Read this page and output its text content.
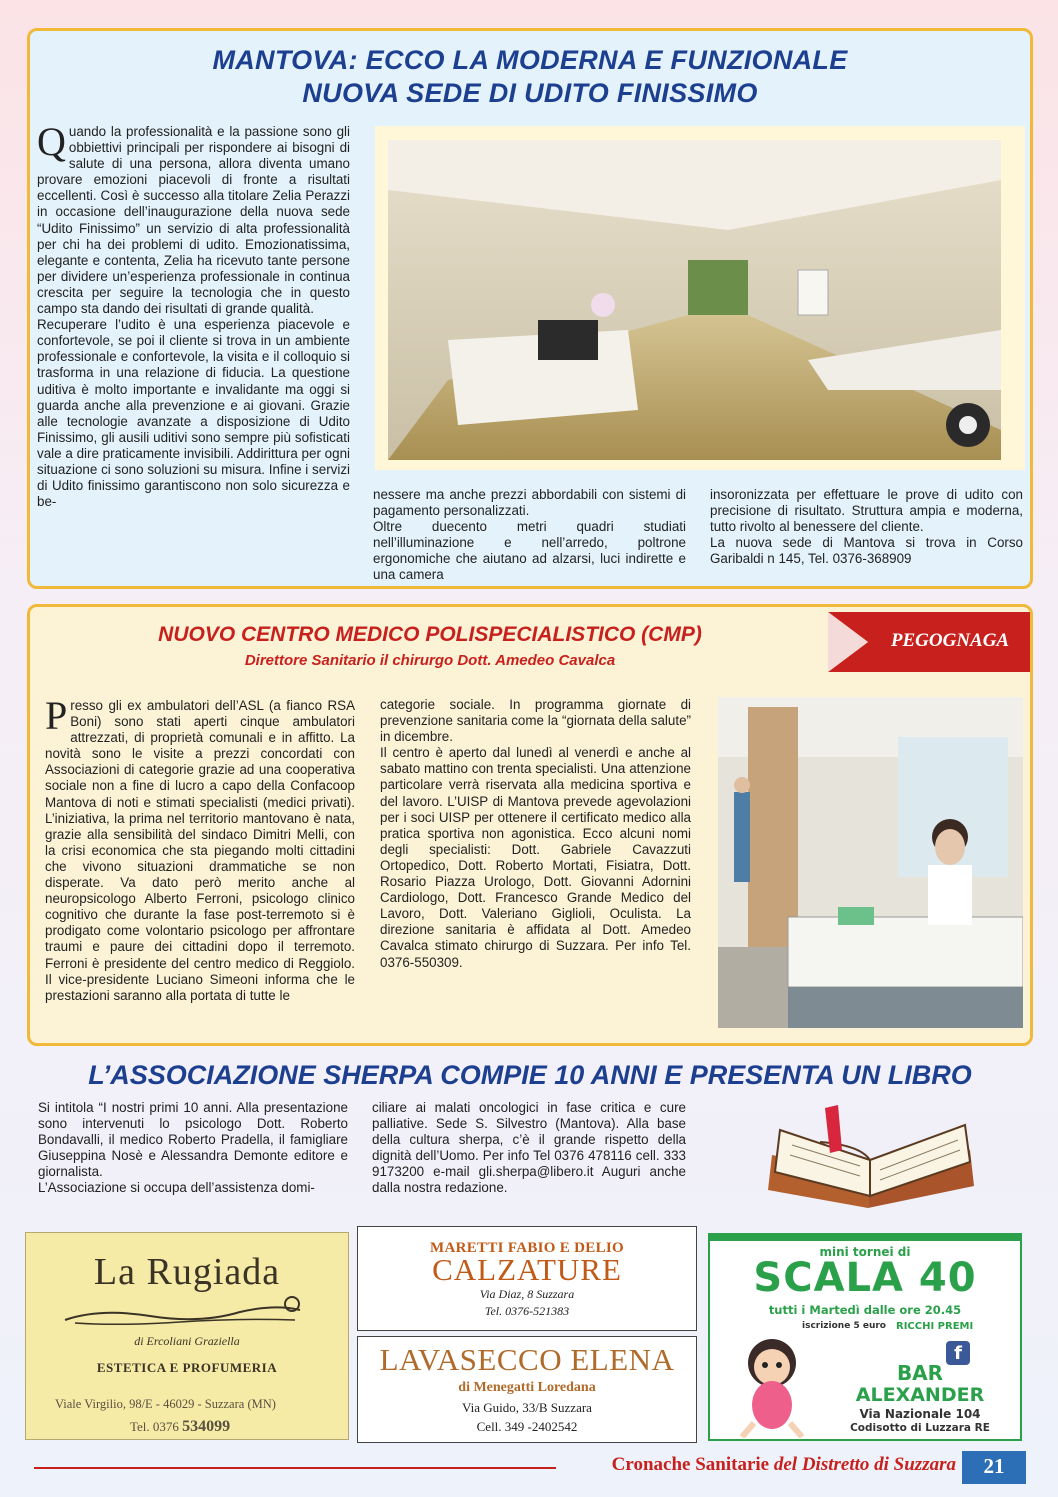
MANTOVA: ECCO LA MODERNA E FUNZIONALE
NUOVA SEDE DI UDITO FINISSIMO
Q uando la professionalità e la passione sono gli obbiettivi principali per rispondere ai bisogni di salute di una persona, allora diventa umano provare emozioni piacevoli di fronte a risultati eccellenti. Così è successo alla titolare Zelia Perazzi in occasione dell’inaugurazione della nuova sede “Udito Finissimo” un servizio di alta professionalità per chi ha dei problemi di udito. Emozionatissima, elegante e contenta, Zelia ha ricevuto tante persone per dividere un’esperienza professionale in continua crescita per seguire la tecnologia che in questo campo sta dando dei risultati di grande qualità.
Recuperare l’udito è una esperienza piacevole e confortevole, se poi il cliente si trova in un ambiente professionale e confortevole, la visita e il colloquio si trasforma in una relazione di fiducia. La questione uditiva è molto importante e invalidante ma oggi si guarda anche alla prevenzione e ai giovani. Grazie alle tecnologie avanzate a disposizione di Udito Finissimo, gli ausili uditivi sono sempre più sofisticati vale a dire praticamente invisibili. Addirittura per ogni situazione ci sono soluzioni su misura. Infine i servizi di Udito finissimo garantiscono non solo sicurezza e be-	nessere ma anche prezzi abbordabili con sistemi di pagamento personalizzati.
Oltre duecento metri quadri studiati nell’illuminazione e nell’arredo, poltrone ergonomiche che aiutano ad alzarsi, luci indirette e una camera
insoronizzata per effettuare le prove di udito con precisione di risultato. Struttura ampia e moderna, tutto rivolto al benessere del cliente.
La nuova sede di Mantova si trova in Corso Garibaldi n 145, Tel. 0376-368909
NUOVO CENTRO MEDICO POLISPECIALISTICO (CMP)
Direttore Sanitario il chirurgo Dott. Amedeo Cavalca
PEGOGNAGA
P resso gli ex ambulatori dell’ASL (a fianco RSA Boni) sono stati aperti cinque ambulatori attrezzati, di proprietà comunali e in affitto. La novità sono le visite a prezzi concordati con Associazioni di categorie grazie ad una cooperativa sociale non a fine di lucro a capo della Confacoop Mantova di noti e stimati specialisti (medici privati). L’iniziativa, la prima nel territorio mantovano è nata, grazie alla sensibilità del sindaco Dimitri Melli, con la crisi economica che sta piegando molti cittadini che vivono situazioni drammatiche se non disperate. Va dato però merito anche al neuropsicologo Alberto Ferroni, psicologo clinico cognitivo che durante la fase post-terremoto si è prodigato come volontario psicologo per affrontare traumi e paure dei cittadini dopo il terremoto. Ferroni è presidente del centro medico di Reggiolo. Il vice-presidente Luciano Simeoni informa che le prestazioni saranno alla portata di tutte le
categorie sociale. In programma giornate di prevenzione sanitaria come la “giornata della salute” in dicembre.
Il centro è aperto dal lunedì al venerdì e anche al sabato mattino con trenta specialisti. Una attenzione particolare verrà riservata alla medicina sportiva e del lavoro. L’UISP di Mantova prevede agevolazioni per i soci UISP per ottenere il certificato medico alla pratica sportiva non agonistica. Ecco alcuni nomi degli specialisti: Dott. Gabriele Cavazzuti Ortopedico, Dott. Roberto Mortati, Fisiatra, Dott. Rosario Piazza Urologo, Dott. Giovanni Adornini Cardiologo, Dott. Francesco Grande Medico del Lavoro, Dott. Valeriano Giglioli, Oculista. La direzione sanitaria è affidata al Dott. Amedeo Cavalca stimato chirurgo di Suzzara. Per info Tel. 0376-550309.
L’ASSOCIAZIONE SHERPA COMPIE 10 ANNI E PRESENTA UN LIBRO
Si intitola “I nostri primi 10 anni. Alla presentazione sono intervenuti lo psicologo Dott. Roberto Bondavalli, il medico Roberto Pradella, il famigliare Giuseppina Nosè e Alessandra Demonte editore e giornalista.
L’Associazione si occupa dell’assistenza domi-
ciliare ai malati oncologici in fase critica e cure palliative. Sede S. Silvestro (Mantova). Alla base della cultura sherpa, c’è il grande rispetto della dignità dell’Uomo. Per info Tel 0376 478116 cell. 333 9173200 e-mail gli.sherpa@libero.it Auguri anche dalla nostra redazione.
La Rugiada
di Ercoliani Graziella
ESTETICA E PROFUMERIA
Viale Virgilio, 98/E - 46029 - Suzzara (MN)
Tel. 0376 534099
MARETTI FABIO E DELIO
CALZATURE
Via Diaz, 8 Suzzara
Tel. 0376-521383
LAVASECCO ELENA
di Menegatti Loredana
Via Guido, 33/B Suzzara
Cell. 349 -2402542
mini tornei di
SCALA 40
tutti i Martedì dalle ore 20.45
iscrizione 5 euro	RICCHI PREMI
f
BAR
ALEXANDER
Via Nazionale 104
Codisotto di Luzzara RE
Cronache Sanitarie del Distretto di Suzzara	21
